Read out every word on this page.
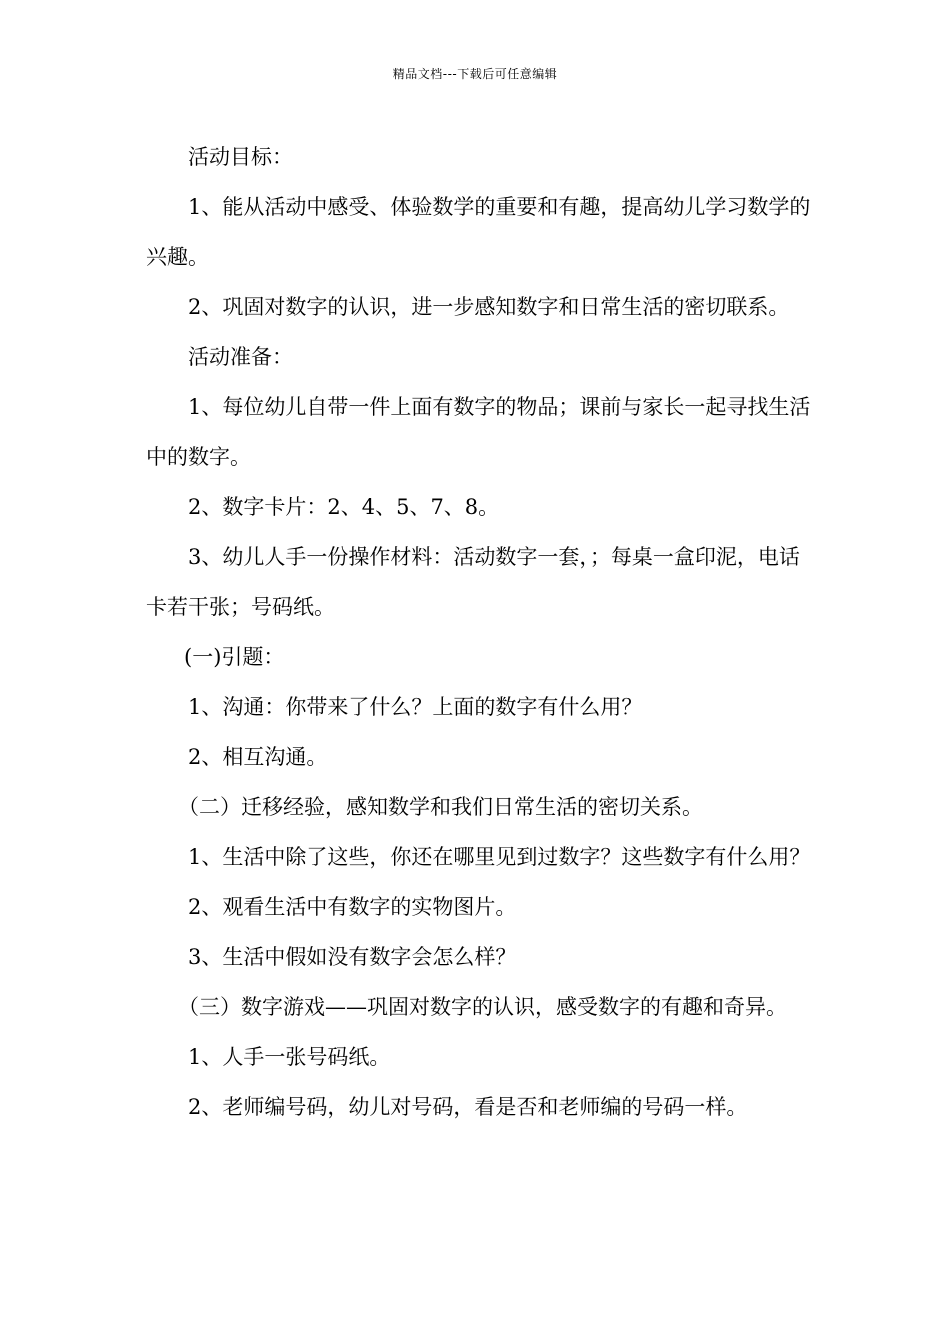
精品文档---下载后可任意编辑

活动目标：

1、能从活动中感受、体验数学的重要和有趣，提高幼儿学习数学的兴趣。

2、巩固对数字的认识，进一步感知数字和日常生活的密切联系。

活动准备：

1、每位幼儿自带一件上面有数字的物品；课前与家长一起寻找生活中的数字。

2、数字卡片：2、4、5、7、8。

3、幼儿人手一份操作材料：活动数字一套，；每桌一盒印泥，电话卡若干张；号码纸。

(一)引题：

1、沟通：你带来了什么？上面的数字有什么用？

2、相互沟通。

（二）迁移经验，感知数学和我们日常生活的密切关系。

1、生活中除了这些，你还在哪里见到过数字？这些数字有什么用？

2、观看生活中有数字的实物图片。

3、生活中假如没有数字会怎么样？

（三）数字游戏——巩固对数字的认识，感受数字的有趣和奇异。

1、人手一张号码纸。

2、老师编号码，幼儿对号码，看是否和老师编的号码一样。
